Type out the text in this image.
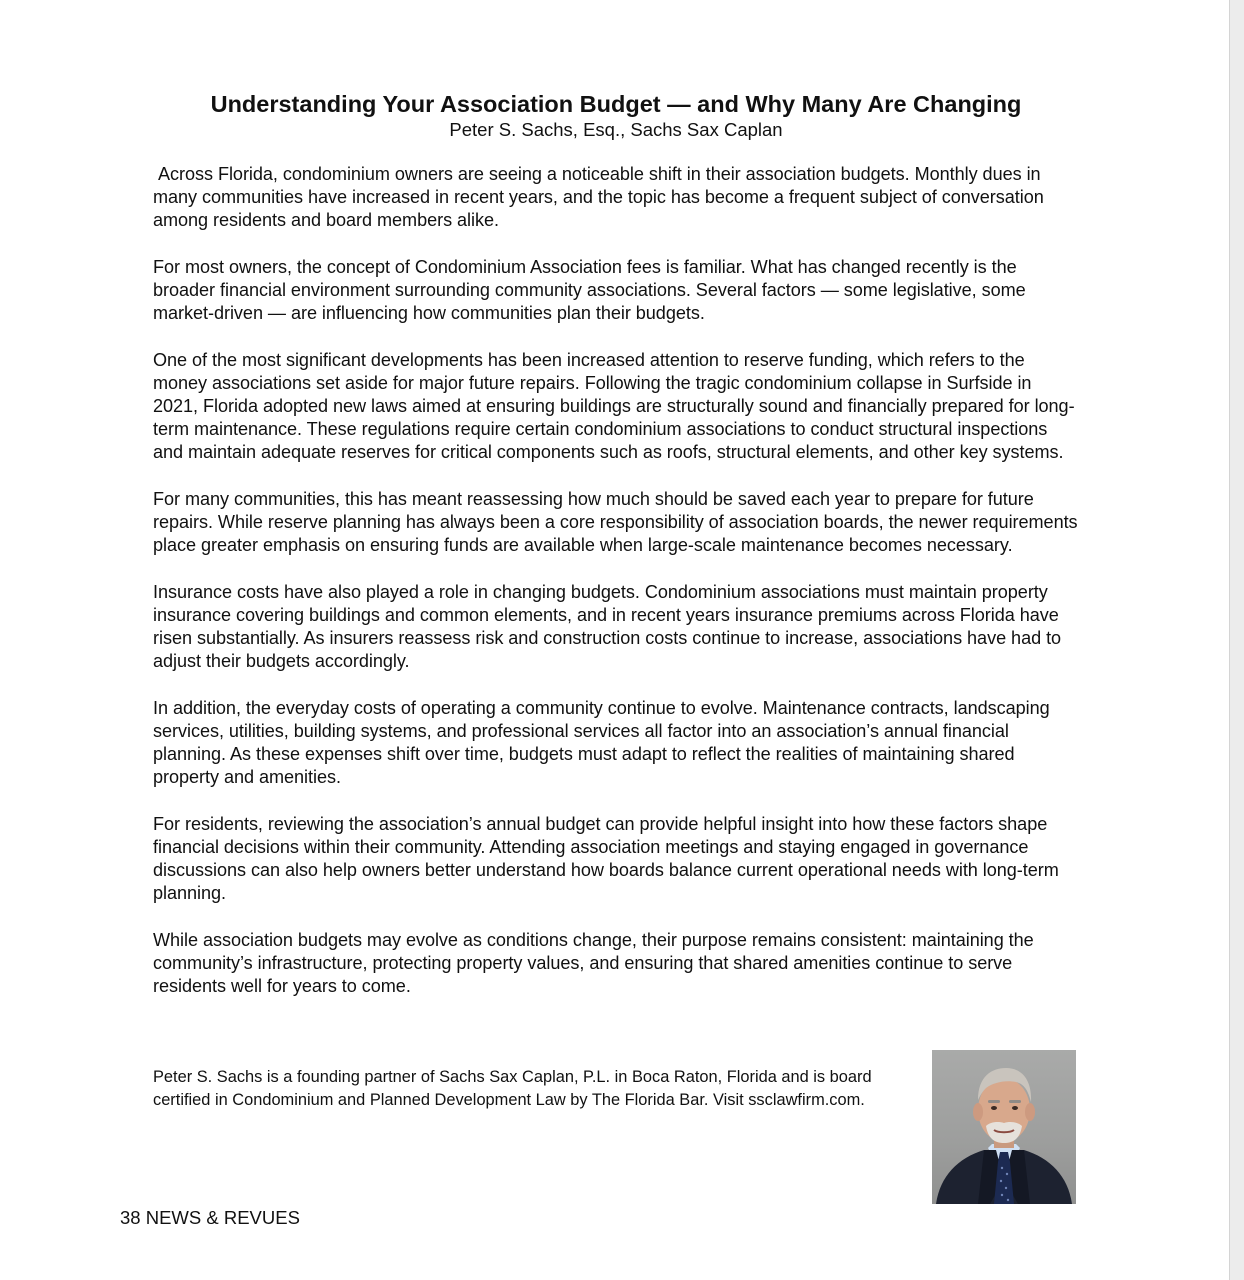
Understanding Your Association Budget — and Why Many Are Changing

Peter S. Sachs, Esq., Sachs Sax Caplan

Across Florida, condominium owners are seeing a noticeable shift in their association budgets. Monthly dues in many communities have increased in recent years, and the topic has become a frequent subject of conversation among residents and board members alike.

For most owners, the concept of Condominium Association fees is familiar. What has changed recently is the broader financial environment surrounding community associations. Several factors — some legislative, some market-driven — are influencing how communities plan their budgets.

One of the most significant developments has been increased attention to reserve funding, which refers to the money associations set aside for major future repairs. Following the tragic condominium collapse in Surfside in 2021, Florida adopted new laws aimed at ensuring buildings are structurally sound and financially prepared for long-term maintenance. These regulations require certain condominium associations to conduct structural inspections and maintain adequate reserves for critical components such as roofs, structural elements, and other key systems.

For many communities, this has meant reassessing how much should be saved each year to prepare for future repairs. While reserve planning has always been a core responsibility of association boards, the newer requirements place greater emphasis on ensuring funds are available when large-scale maintenance becomes necessary.

Insurance costs have also played a role in changing budgets. Condominium associations must maintain property insurance covering buildings and common elements, and in recent years insurance premiums across Florida have risen substantially. As insurers reassess risk and construction costs continue to increase, associations have had to adjust their budgets accordingly.

In addition, the everyday costs of operating a community continue to evolve. Maintenance contracts, landscaping services, utilities, building systems, and professional services all factor into an association’s annual financial planning. As these expenses shift over time, budgets must adapt to reflect the realities of maintaining shared property and amenities.

For residents, reviewing the association’s annual budget can provide helpful insight into how these factors shape financial decisions within their community. Attending association meetings and staying engaged in governance discussions can also help owners better understand how boards balance current operational needs with long-term planning.

While association budgets may evolve as conditions change, their purpose remains consistent: maintaining the community’s infrastructure, protecting property values, and ensuring that shared amenities continue to serve residents well for years to come.

Peter S. Sachs is a founding partner of Sachs Sax Caplan, P.L. in Boca Raton, Florida and is board certified in Condominium and Planned Development Law by The Florida Bar. Visit ssclawfirm.com.

38 NEWS & REVUES
